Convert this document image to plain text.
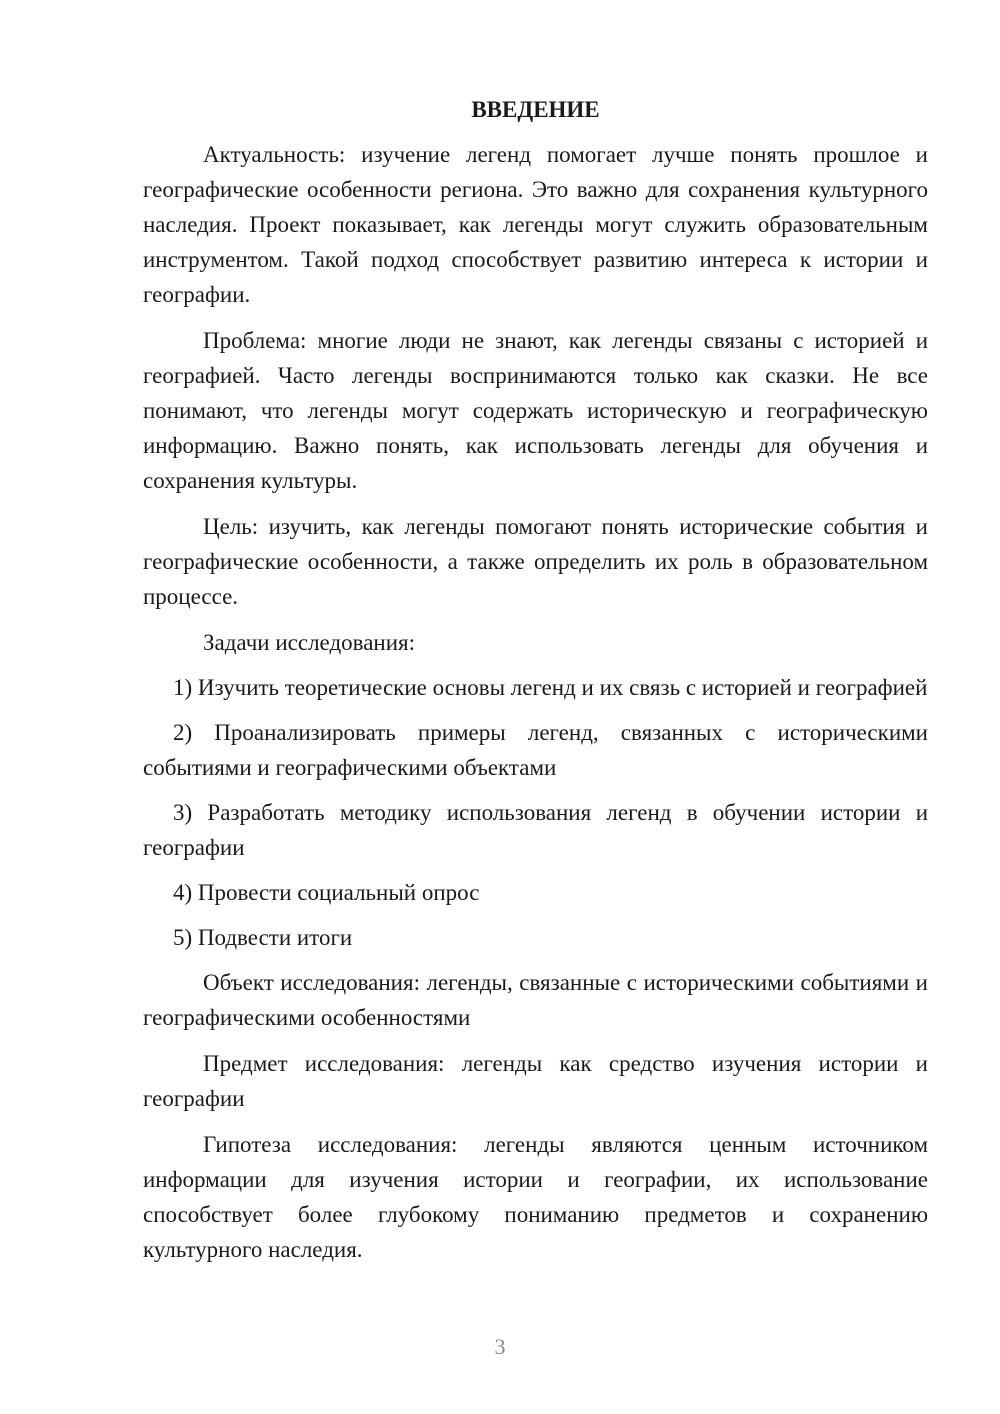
ВВЕДЕНИЕ

Актуальность: изучение легенд помогает лучше понять прошлое и географические особенности региона. Это важно для сохранения культурного наследия. Проект показывает, как легенды могут служить образовательным инструментом. Такой подход способствует развитию интереса к истории и географии.

Проблема: многие люди не знают, как легенды связаны с историей и географией. Часто легенды воспринимаются только как сказки. Не все понимают, что легенды могут содержать историческую и географическую информацию. Важно понять, как использовать легенды для обучения и сохранения культуры.

Цель: изучить, как легенды помогают понять исторические события и географические особенности, а также определить их роль в образовательном процессе.

Задачи исследования:

1) Изучить теоретические основы легенд и их связь с историей и географией

2) Проанализировать примеры легенд, связанных с историческими событиями и географическими объектами

3) Разработать методику использования легенд в обучении истории и географии

4) Провести социальный опрос

5) Подвести итоги

Объект исследования: легенды, связанные с историческими событиями и географическими особенностями

Предмет исследования: легенды как средство изучения истории и географии

Гипотеза исследования: легенды являются ценным источником информации для изучения истории и географии, их использование способствует более глубокому пониманию предметов и сохранению культурного наследия.

3
